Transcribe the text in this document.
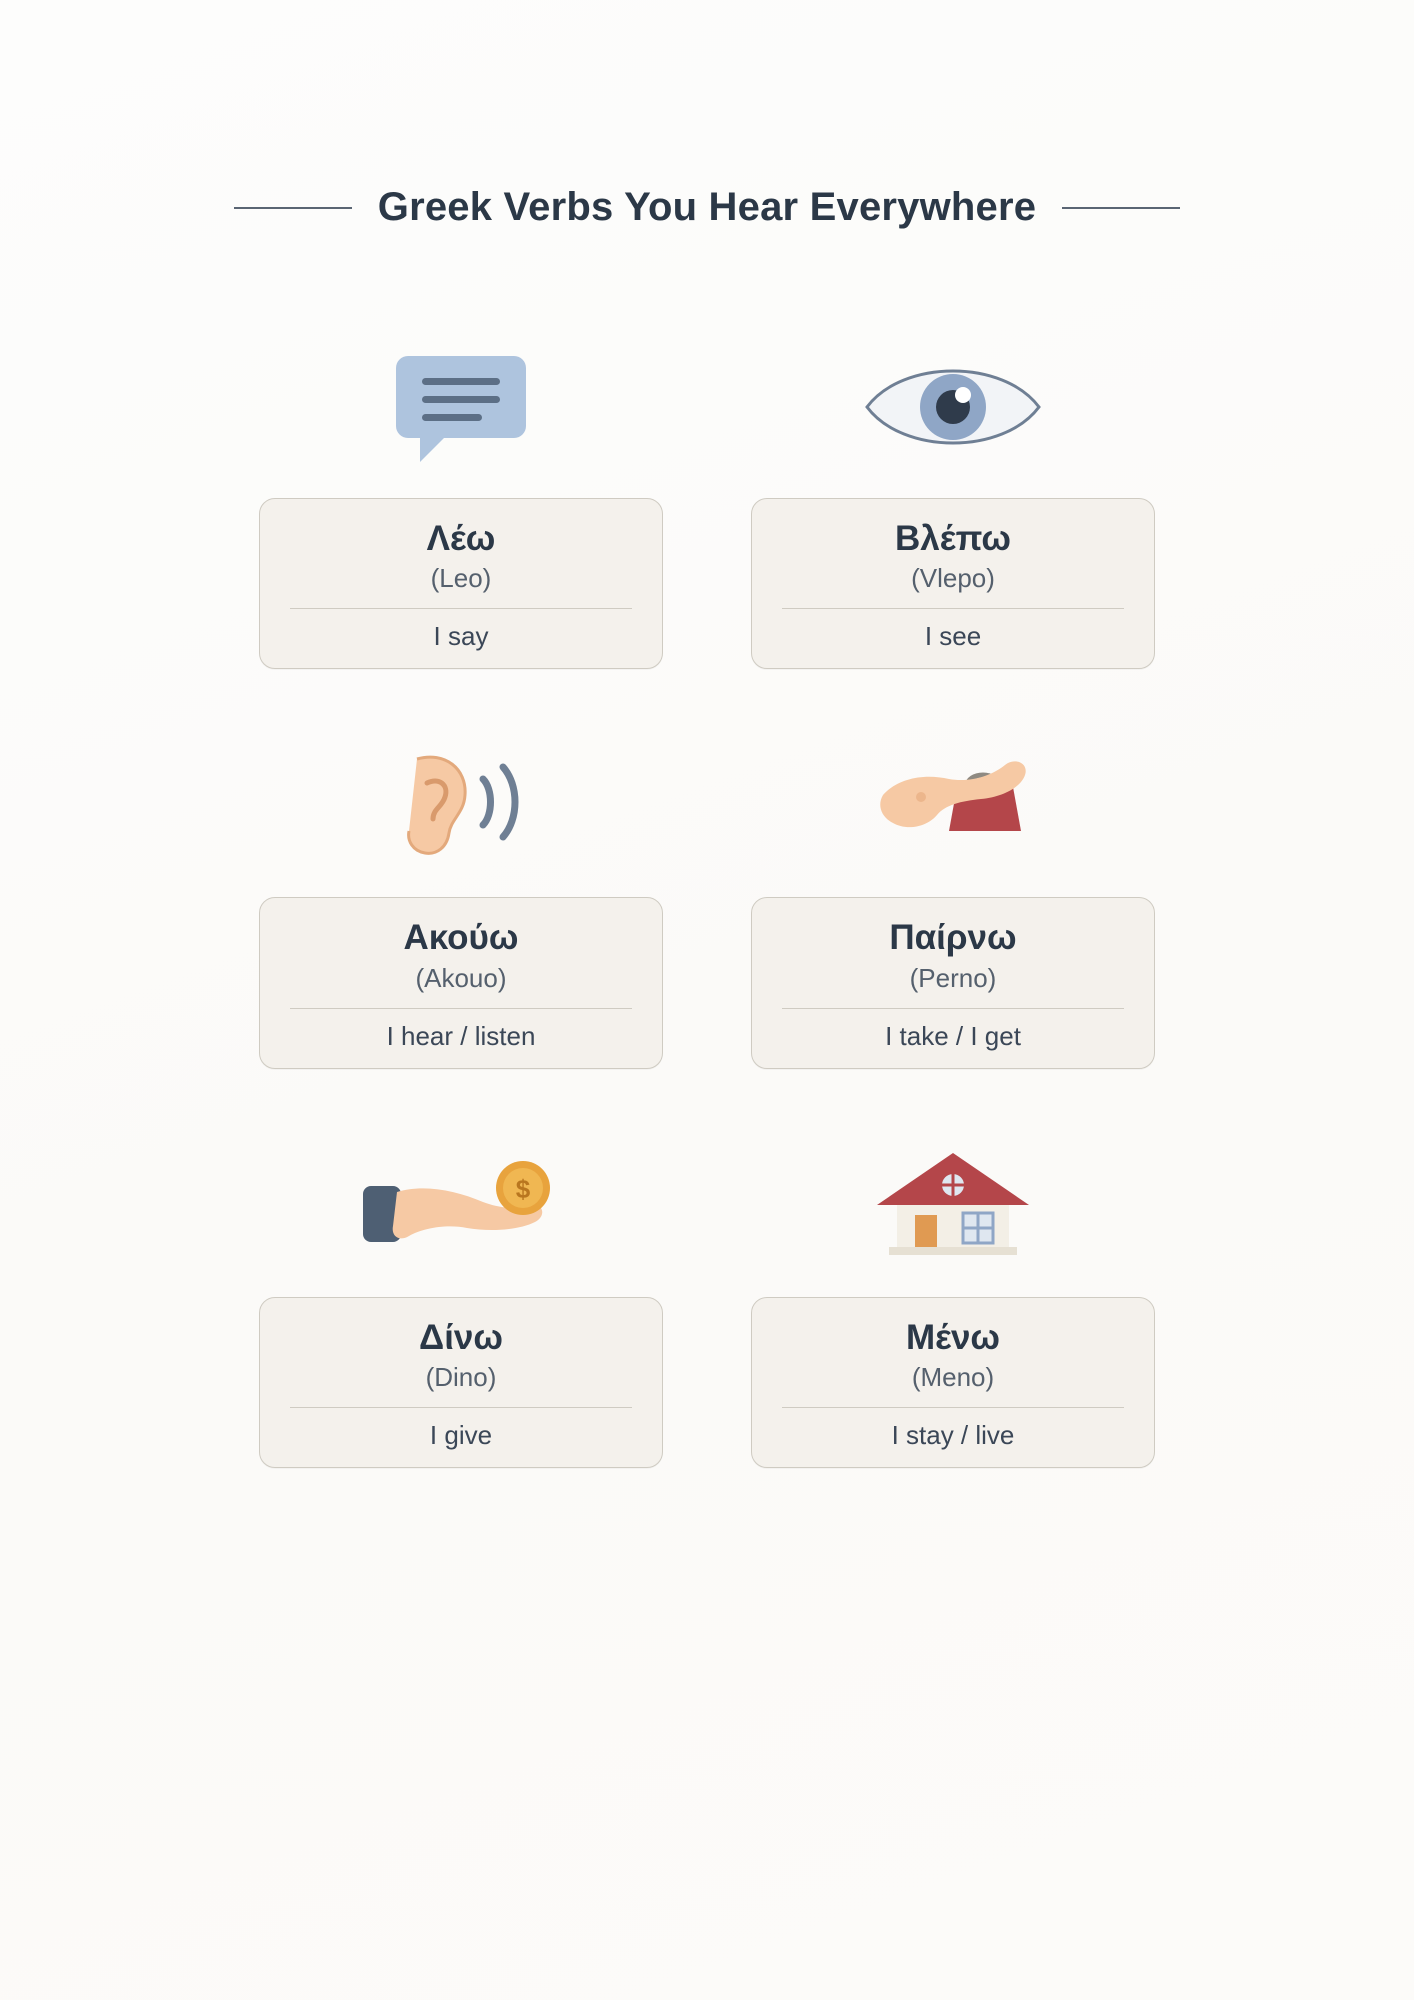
Greek Verbs You Hear Everywhere
Λέω
(Leo)
I say
Βλέπω
(Vlepo)
I see
Ακούω
(Akouo)
I hear / listen
Παίρνω
(Perno)
I take / I get
$
Δίνω
(Dino)
I give
Μένω
(Meno)
I stay / live
